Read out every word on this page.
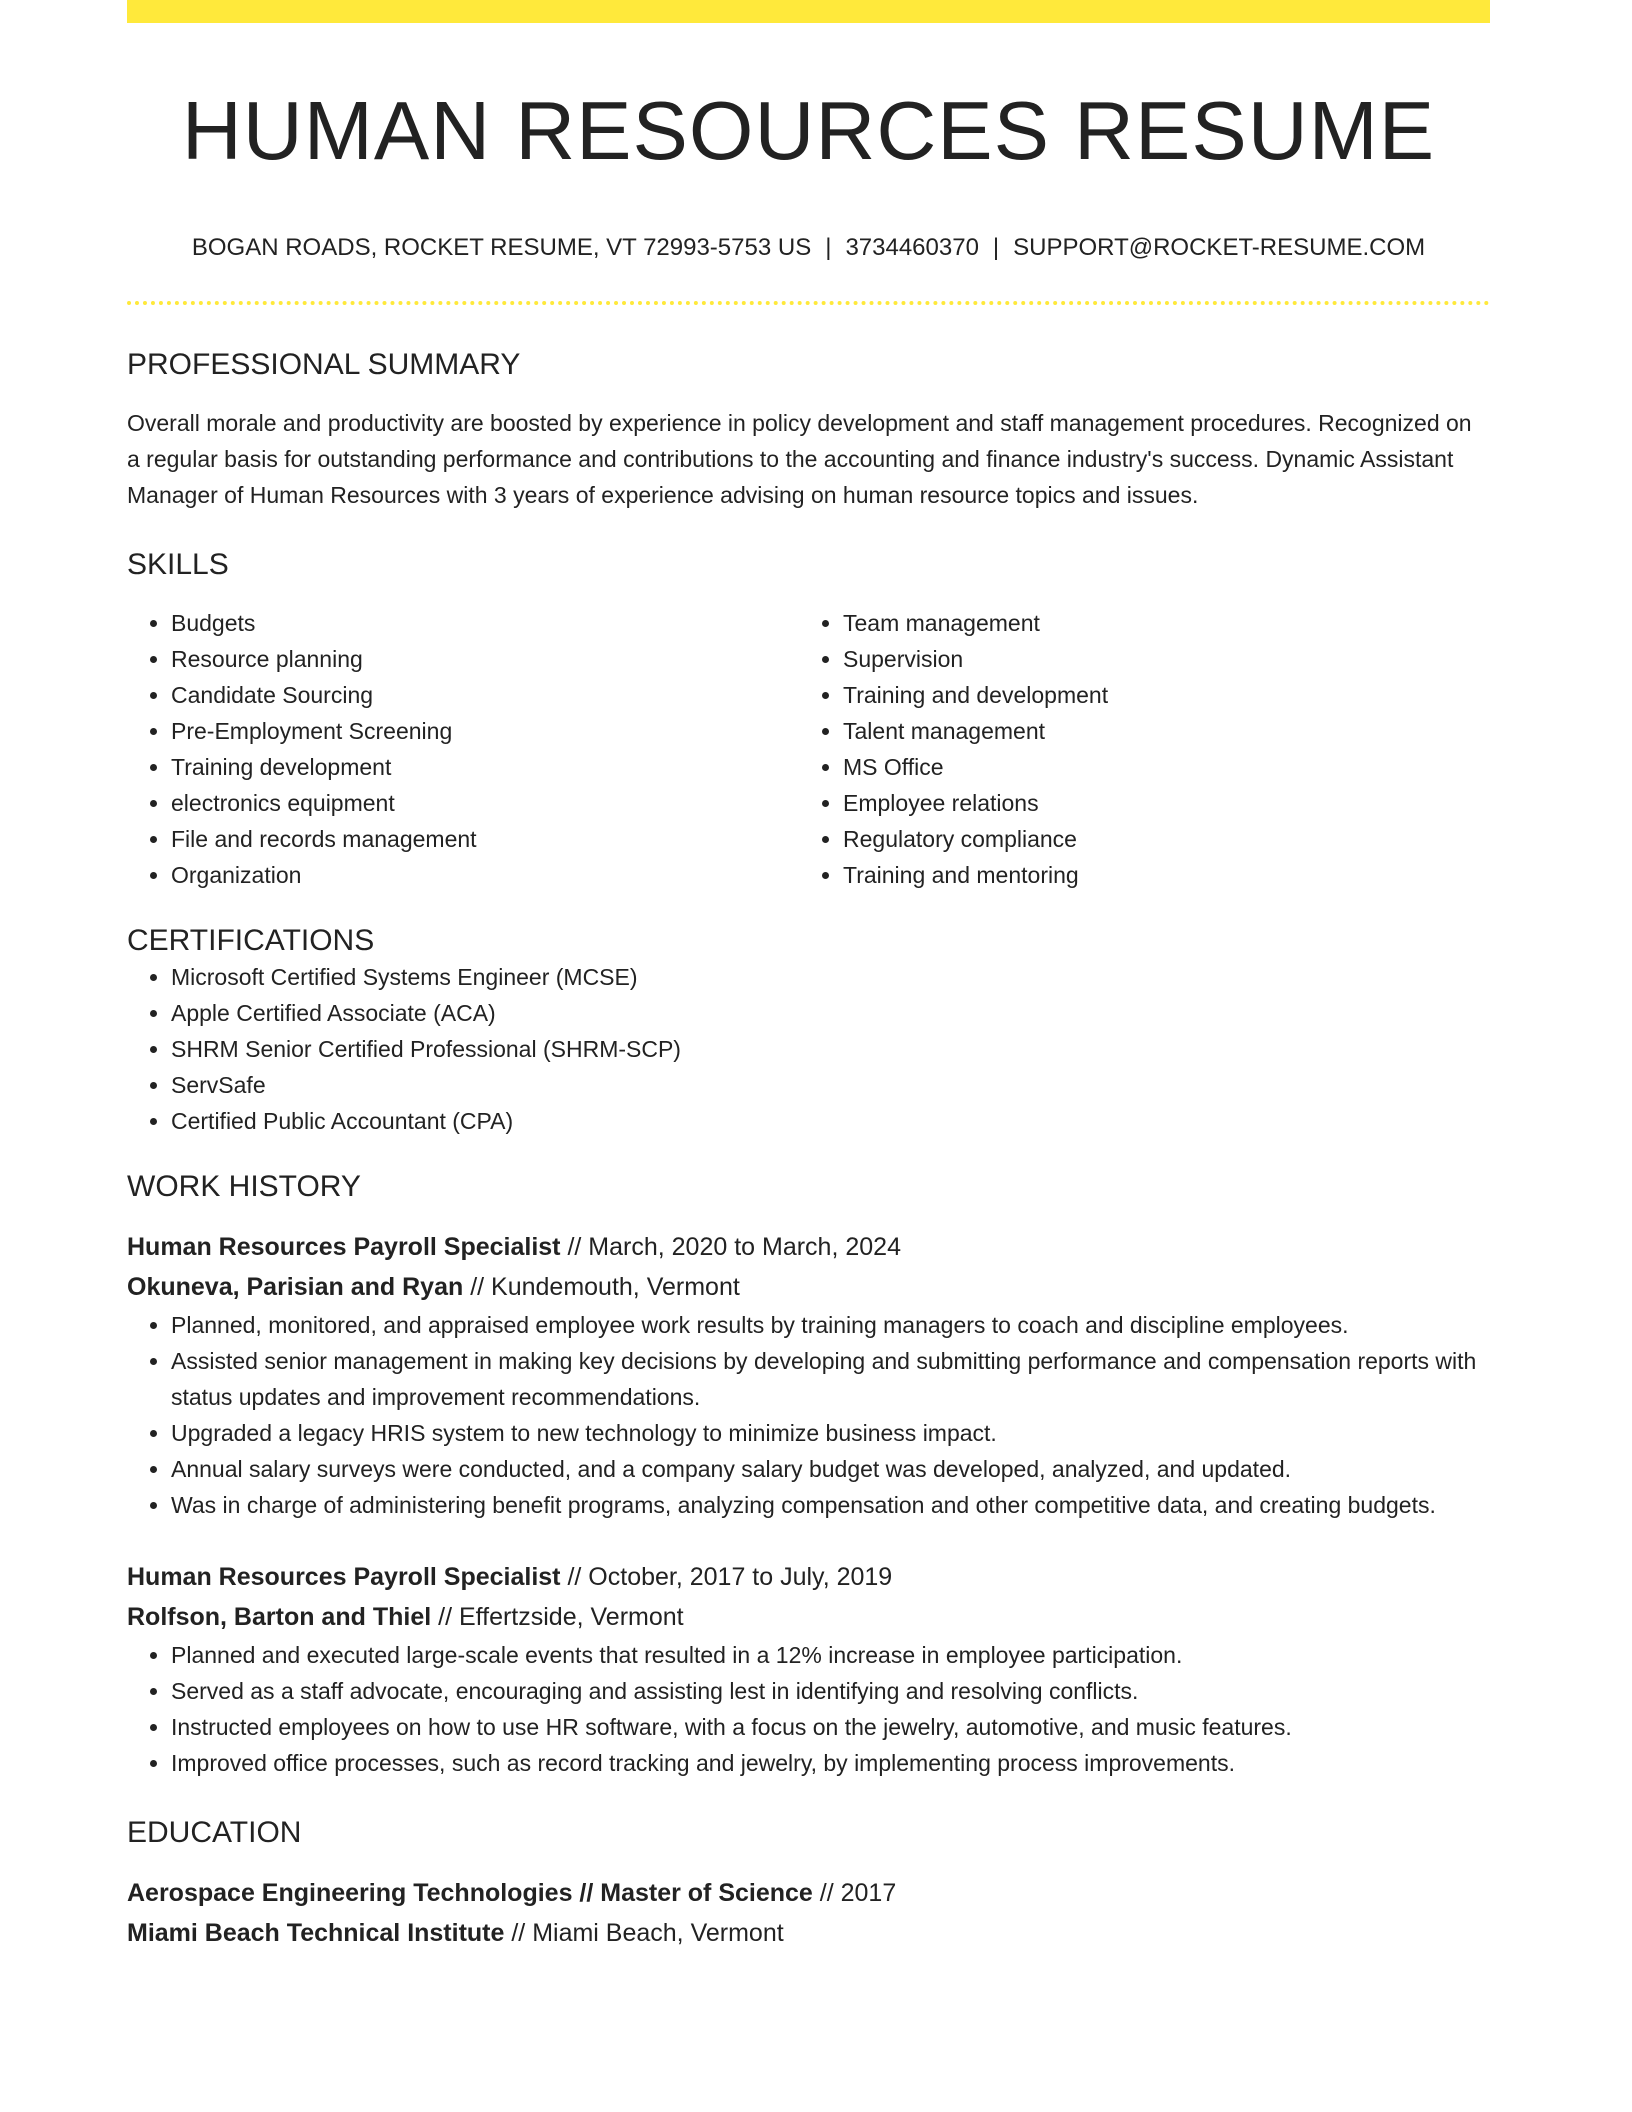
HUMAN RESOURCES RESUME
BOGAN ROADS, ROCKET RESUME, VT 72993-5753 US | 3734460370 | SUPPORT@ROCKET-RESUME.COM
PROFESSIONAL SUMMARY

Overall morale and productivity are boosted by experience in policy development and staff management procedures. Recognized on a regular basis for outstanding performance and contributions to the accounting and finance industry's success. Dynamic Assistant Manager of Human Resources with 3 years of experience advising on human resource topics and issues.

SKILLS
• Budgets
• Resource planning
• Candidate Sourcing
• Pre-Employment Screening
• Training development
• electronics equipment
• File and records management
• Organization
• Team management
• Supervision
• Training and development
• Talent management
• MS Office
• Employee relations
• Regulatory compliance
• Training and mentoring
CERTIFICATIONS
• Microsoft Certified Systems Engineer (MCSE)
• Apple Certified Associate (ACA)
• SHRM Senior Certified Professional (SHRM-SCP)
• ServSafe
• Certified Public Accountant (CPA)
WORK HISTORY
Human Resources Payroll Specialist // March, 2020 to March, 2024
Okuneva, Parisian and Ryan // Kundemouth, Vermont
• Planned, monitored, and appraised employee work results by training managers to coach and discipline employees.
• Assisted senior management in making key decisions by developing and submitting performance and compensation reports with status updates and improvement recommendations.
• Upgraded a legacy HRIS system to new technology to minimize business impact.
• Annual salary surveys were conducted, and a company salary budget was developed, analyzed, and updated.
• Was in charge of administering benefit programs, analyzing compensation and other competitive data, and creating budgets.
Human Resources Payroll Specialist // October, 2017 to July, 2019
Rolfson, Barton and Thiel // Effertzside, Vermont
• Planned and executed large-scale events that resulted in a 12% increase in employee participation.
• Served as a staff advocate, encouraging and assisting lest in identifying and resolving conflicts.
• Instructed employees on how to use HR software, with a focus on the jewelry, automotive, and music features.
• Improved office processes, such as record tracking and jewelry, by implementing process improvements.
EDUCATION
Aerospace Engineering Technologies // Master of Science // 2017
Miami Beach Technical Institute // Miami Beach, Vermont
